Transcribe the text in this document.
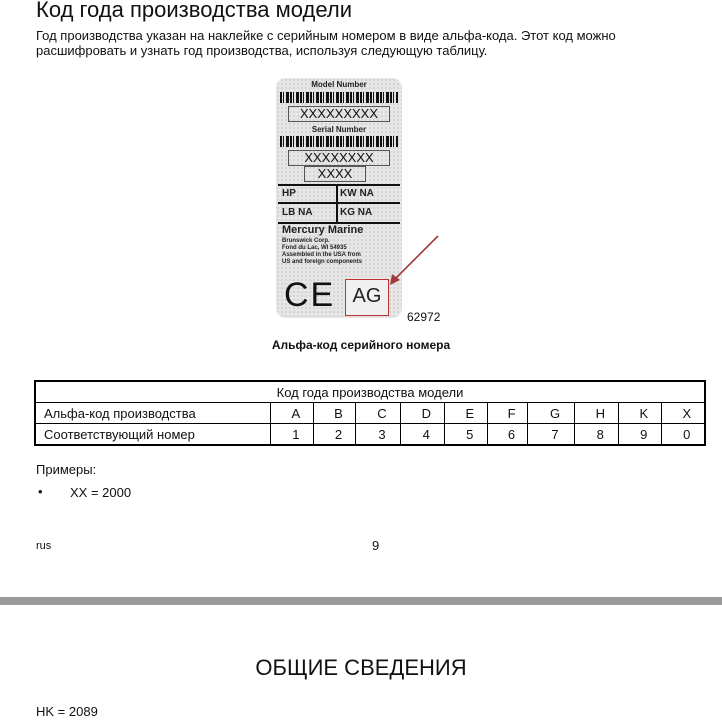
Код года производства модели
Год производства указан на наклейке с серийным номером в виде альфа-кода. Этот код можно
расшифровать и узнать год производства, используя следующую таблицу.
Model Number
XXXXXXXXX
Serial Number
XXXXXXXX
XXXX
HP	KW NA
LB NA	KG NA
Mercury Marine
Brunswick Corp.
Fond du Lac, WI 54935
Assembled in the USA from
US and foreign components
CE AG
62972
Альфа-код серийного номера
Код года производства модели										
Альфа-код производства	A	B	C	D	E	F	G	H	K	X
Соответствующий номер	1	2	3	4	5	6	7	8	9	0
Примеры:
• XX = 2000
rus	9
ОБЩИЕ СВЕДЕНИЯ
HK = 2089
